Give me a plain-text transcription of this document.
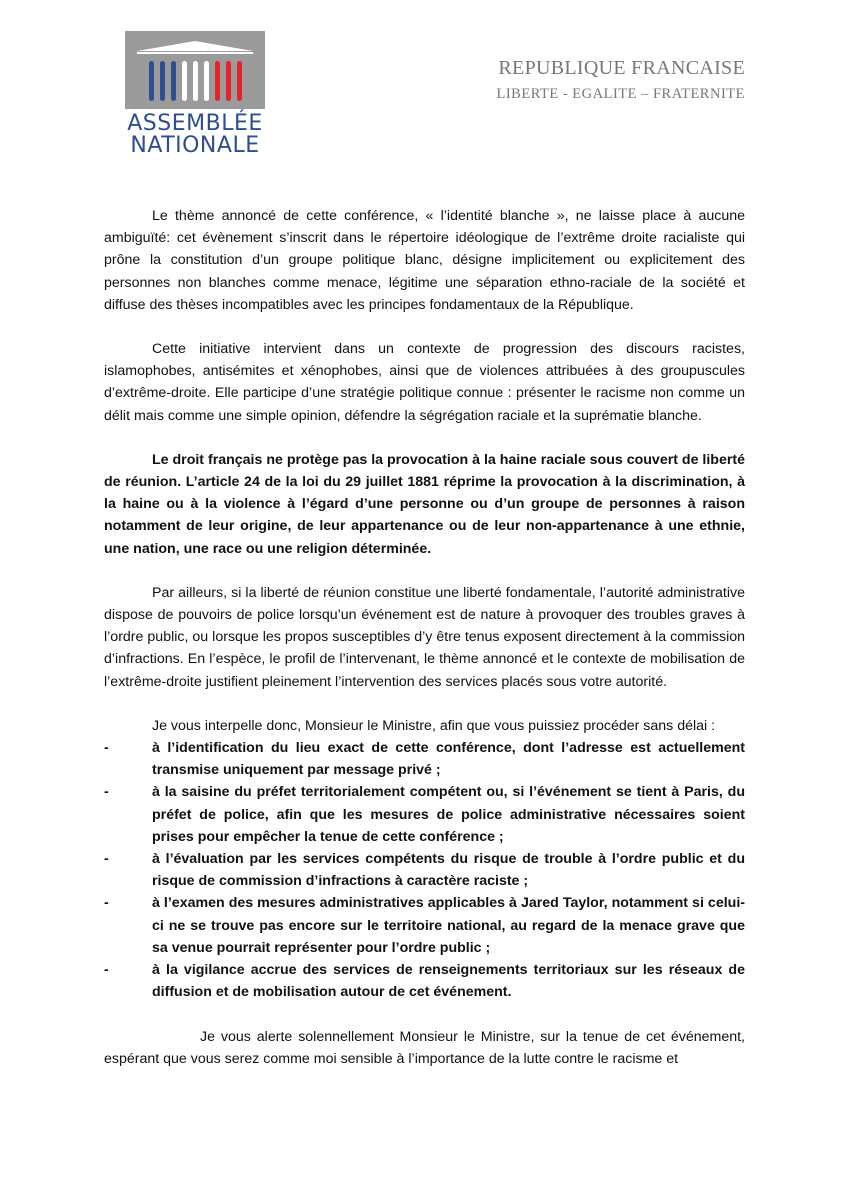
ASSEMBLÉE
NATIONALE
REPUBLIQUE FRANCAISE
LIBERTE - EGALITE – FRATERNITE

Le thème annoncé de cette conférence, « l’identité blanche », ne laisse place à aucune ambiguïté: cet évènement s’inscrit dans le répertoire idéologique de l’extrême droite racialiste qui prône la constitution d’un groupe politique blanc, désigne implicitement ou explicitement des personnes non blanches comme menace, légitime une séparation ethno-raciale de la société et diffuse des thèses incompatibles avec les principes fondamentaux de la République.

Cette initiative intervient dans un contexte de progression des discours racistes, islamophobes, antisémites et xénophobes, ainsi que de violences attribuées à des groupuscules d’extrême-droite. Elle participe d’une stratégie politique connue : présenter le racisme non comme un délit mais comme une simple opinion, défendre la ségrégation raciale et la suprématie blanche.

Le droit français ne protège pas la provocation à la haine raciale sous couvert de liberté de réunion. L’article 24 de la loi du 29 juillet 1881 réprime la provocation à la discrimination, à la haine ou à la violence à l’égard d’une personne ou d’un groupe de personnes à raison notamment de leur origine, de leur appartenance ou de leur non-appartenance à une ethnie, une nation, une race ou une religion déterminée.

Par ailleurs, si la liberté de réunion constitue une liberté fondamentale, l’autorité administrative dispose de pouvoirs de police lorsqu’un événement est de nature à provoquer des troubles graves à l’ordre public, ou lorsque les propos susceptibles d’y être tenus exposent directement à la commission d’infractions. En l’espèce, le profil de l’intervenant, le thème annoncé et le contexte de mobilisation de l’extrême-droite justifient pleinement l’intervention des services placés sous votre autorité.

Je vous interpelle donc, Monsieur le Ministre, afin que vous puissiez procéder sans délai :

-	à l’identification du lieu exact de cette conférence, dont l’adresse est actuellement transmise uniquement par message privé ;
-	à la saisine du préfet territorialement compétent ou, si l’événement se tient à Paris, du préfet de police, afin que les mesures de police administrative nécessaires soient prises pour empêcher la tenue de cette conférence ;
-	à l’évaluation par les services compétents du risque de trouble à l’ordre public et du risque de commission d’infractions à caractère raciste ;
-	à l’examen des mesures administratives applicables à Jared Taylor, notamment si celui-ci ne se trouve pas encore sur le territoire national, au regard de la menace grave que sa venue pourrait représenter pour l’ordre public ;
-	à la vigilance accrue des services de renseignements territoriaux sur les réseaux de diffusion et de mobilisation autour de cet événement.

Je vous alerte solennellement Monsieur le Ministre, sur la tenue de cet événement, espérant que vous serez comme moi sensible à l’importance de la lutte contre le racisme et
